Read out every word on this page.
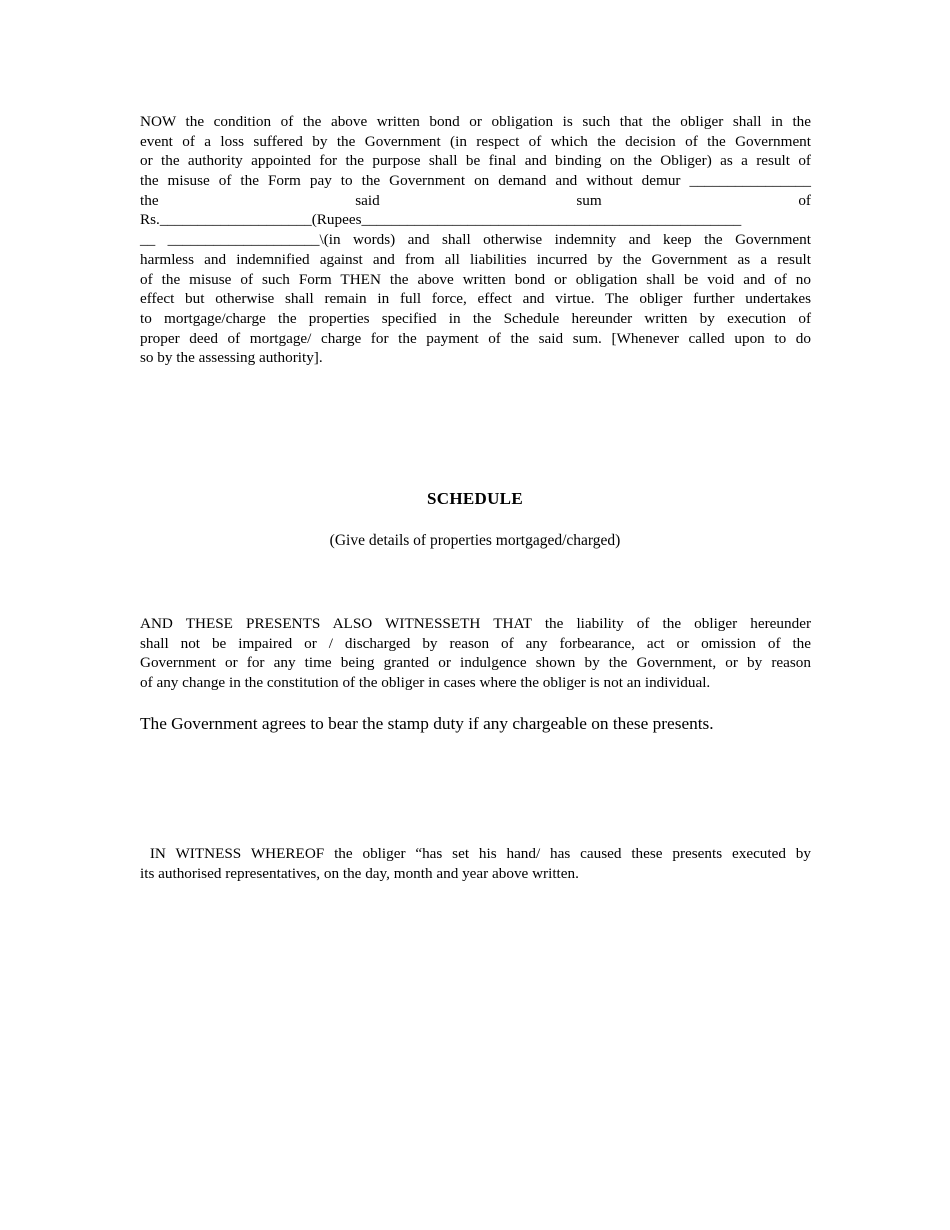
NOW the condition of the above written bond or obligation is such that the obliger shall in the
event of a loss suffered by the Government (in respect of which the decision of the Government
or the authority appointed for the purpose shall be final and binding on the Obliger) as a result of
the misuse of the Form pay to the Government on demand and without demur ________________
the	said	sum	of
Rs.____________________(Rupees__________________________________________________
__ ____________________\(in words) and shall otherwise indemnity and keep the Government
harmless and indemnified against and from all liabilities incurred by the Government as a result
of the misuse of such Form THEN the above written bond or obligation shall be void and of no
effect but otherwise shall remain in full force, effect and virtue. The obliger further undertakes
to mortgage/charge the properties specified in the Schedule hereunder written by execution of
proper deed of mortgage/ charge for the payment of the said sum. [Whenever called upon to do
so by the assessing authority].

SCHEDULE

(Give details of properties mortgaged/charged)

AND THESE PRESENTS ALSO WITNESSETH THAT the liability of the obliger hereunder
shall not be impaired or / discharged by reason of any forbearance, act or omission of the
Government or for any time being granted or indulgence shown by the Government, or by reason
of any change in the constitution of the obliger in cases where the obliger is not an individual.

The Government agrees to bear the stamp duty if any chargeable on these presents.

IN WITNESS WHEREOF the obliger “has set his hand/ has caused these presents executed by
its authorised representatives, on the day, month and year above written.
